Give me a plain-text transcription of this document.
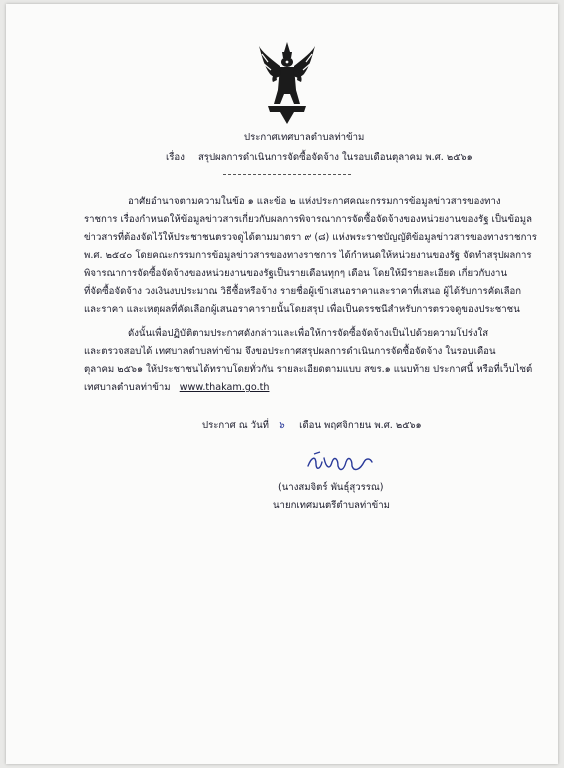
ประกาศเทศบาลตำบลท่าข้าม
เรื่อง สรุปผลการดำเนินการจัดซื้อจัดจ้าง ในรอบเดือนตุลาคม พ.ศ. ๒๕๖๑
อาศัยอำนาจตามความในข้อ ๑ และข้อ ๒ แห่งประกาศคณะกรรมการข้อมูลข่าวสารของทาง
ราชการ เรื่องกำหนดให้ข้อมูลข่าวสารเกี่ยวกับผลการพิจารณาการจัดซื้อจัดจ้างของหน่วยงานของรัฐ เป็นข้อมูล
ข่าวสารที่ต้องจัดไว้ให้ประชาชนตรวจดูได้ตามมาตรา ๙ (๘) แห่งพระราชบัญญัติข้อมูลข่าวสารของทางราชการ
พ.ศ. ๒๕๔๐ โดยคณะกรรมการข้อมูลข่าวสารของทางราชการ ได้กำหนดให้หน่วยงานของรัฐ จัดทำสรุปผลการ
พิจารณาการจัดซื้อจัดจ้างของหน่วยงานของรัฐเป็นรายเดือนทุกๆ เดือน โดยให้มีรายละเอียด เกี่ยวกับงาน
ที่จัดซื้อจัดจ้าง วงเงินงบประมาณ วิธีซื้อหรือจ้าง รายชื่อผู้เข้าเสนอราคาและราคาที่เสนอ ผู้ได้รับการคัดเลือก
และราคา และเหตุผลที่คัดเลือกผู้เสนอราคารายนั้นโดยสรุป เพื่อเป็นดรรชนีสำหรับการตรวจดูของประชาชน
ดังนั้นเพื่อปฏิบัติตามประกาศดังกล่าวและเพื่อให้การจัดซื้อจัดจ้างเป็นไปด้วยความโปร่งใส
และตรวจสอบได้ เทศบาลตำบลท่าข้าม จึงขอประกาศสรุปผลการดำเนินการจัดซื้อจัดจ้าง ในรอบเดือน
ตุลาคม ๒๕๖๑ ให้ประชาชนได้ทราบโดยทั่วกัน รายละเอียดตามแบบ สขร.๑ แนบท้าย ประกาศนี้ หรือที่เว็บไซต์
เทศบาลตำบลท่าข้าม www.thakam.go.th
ประกาศ ณ วันที่ ๖ เดือน พฤศจิกายน พ.ศ. ๒๕๖๑
(นางสมจิตร์ พันธุ์สุวรรณ)
นายกเทศมนตรีตำบลท่าข้าม
